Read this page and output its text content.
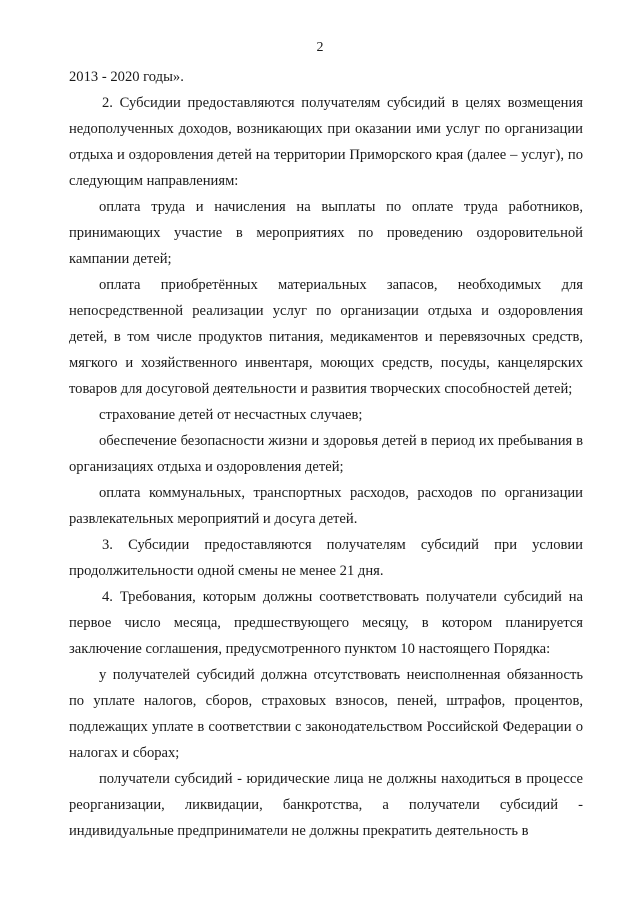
2

2013 - 2020 годы».

2. Субсидии предоставляются получателям субсидий в целях возмещения недополученных доходов, возникающих при оказании ими услуг по организации отдыха и оздоровления детей на территории Приморского края (далее – услуг), по следующим направлениям:

оплата труда и начисления на выплаты по оплате труда работников, принимающих участие в мероприятиях по проведению оздоровительной кампании детей;

оплата приобретённых материальных запасов, необходимых для непосредственной реализации услуг по организации отдыха и оздоровления детей, в том числе продуктов питания, медикаментов и перевязочных средств, мягкого и хозяйственного инвентаря, моющих средств, посуды, канцелярских товаров для досуговой деятельности и развития творческих способностей детей;

страхование детей от несчастных случаев;

обеспечение безопасности жизни и здоровья детей в период их пребывания в организациях отдыха и оздоровления детей;

оплата коммунальных, транспортных расходов, расходов по организации развлекательных мероприятий и досуга детей.

3. Субсидии предоставляются получателям субсидий при условии продолжительности одной смены не менее 21 дня.

4. Требования, которым должны соответствовать получатели субсидий на первое число месяца, предшествующего месяцу, в котором планируется заключение соглашения, предусмотренного пунктом 10 настоящего Порядка:

у получателей субсидий должна отсутствовать неисполненная обязанность по уплате налогов, сборов, страховых взносов, пеней, штрафов, процентов, подлежащих уплате в соответствии с законодательством Российской Федерации о налогах и сборах;

получатели субсидий - юридические лица не должны находиться в процессе реорганизации, ликвидации, банкротства, а получатели субсидий - индивидуальные предприниматели не должны прекратить деятельность в
